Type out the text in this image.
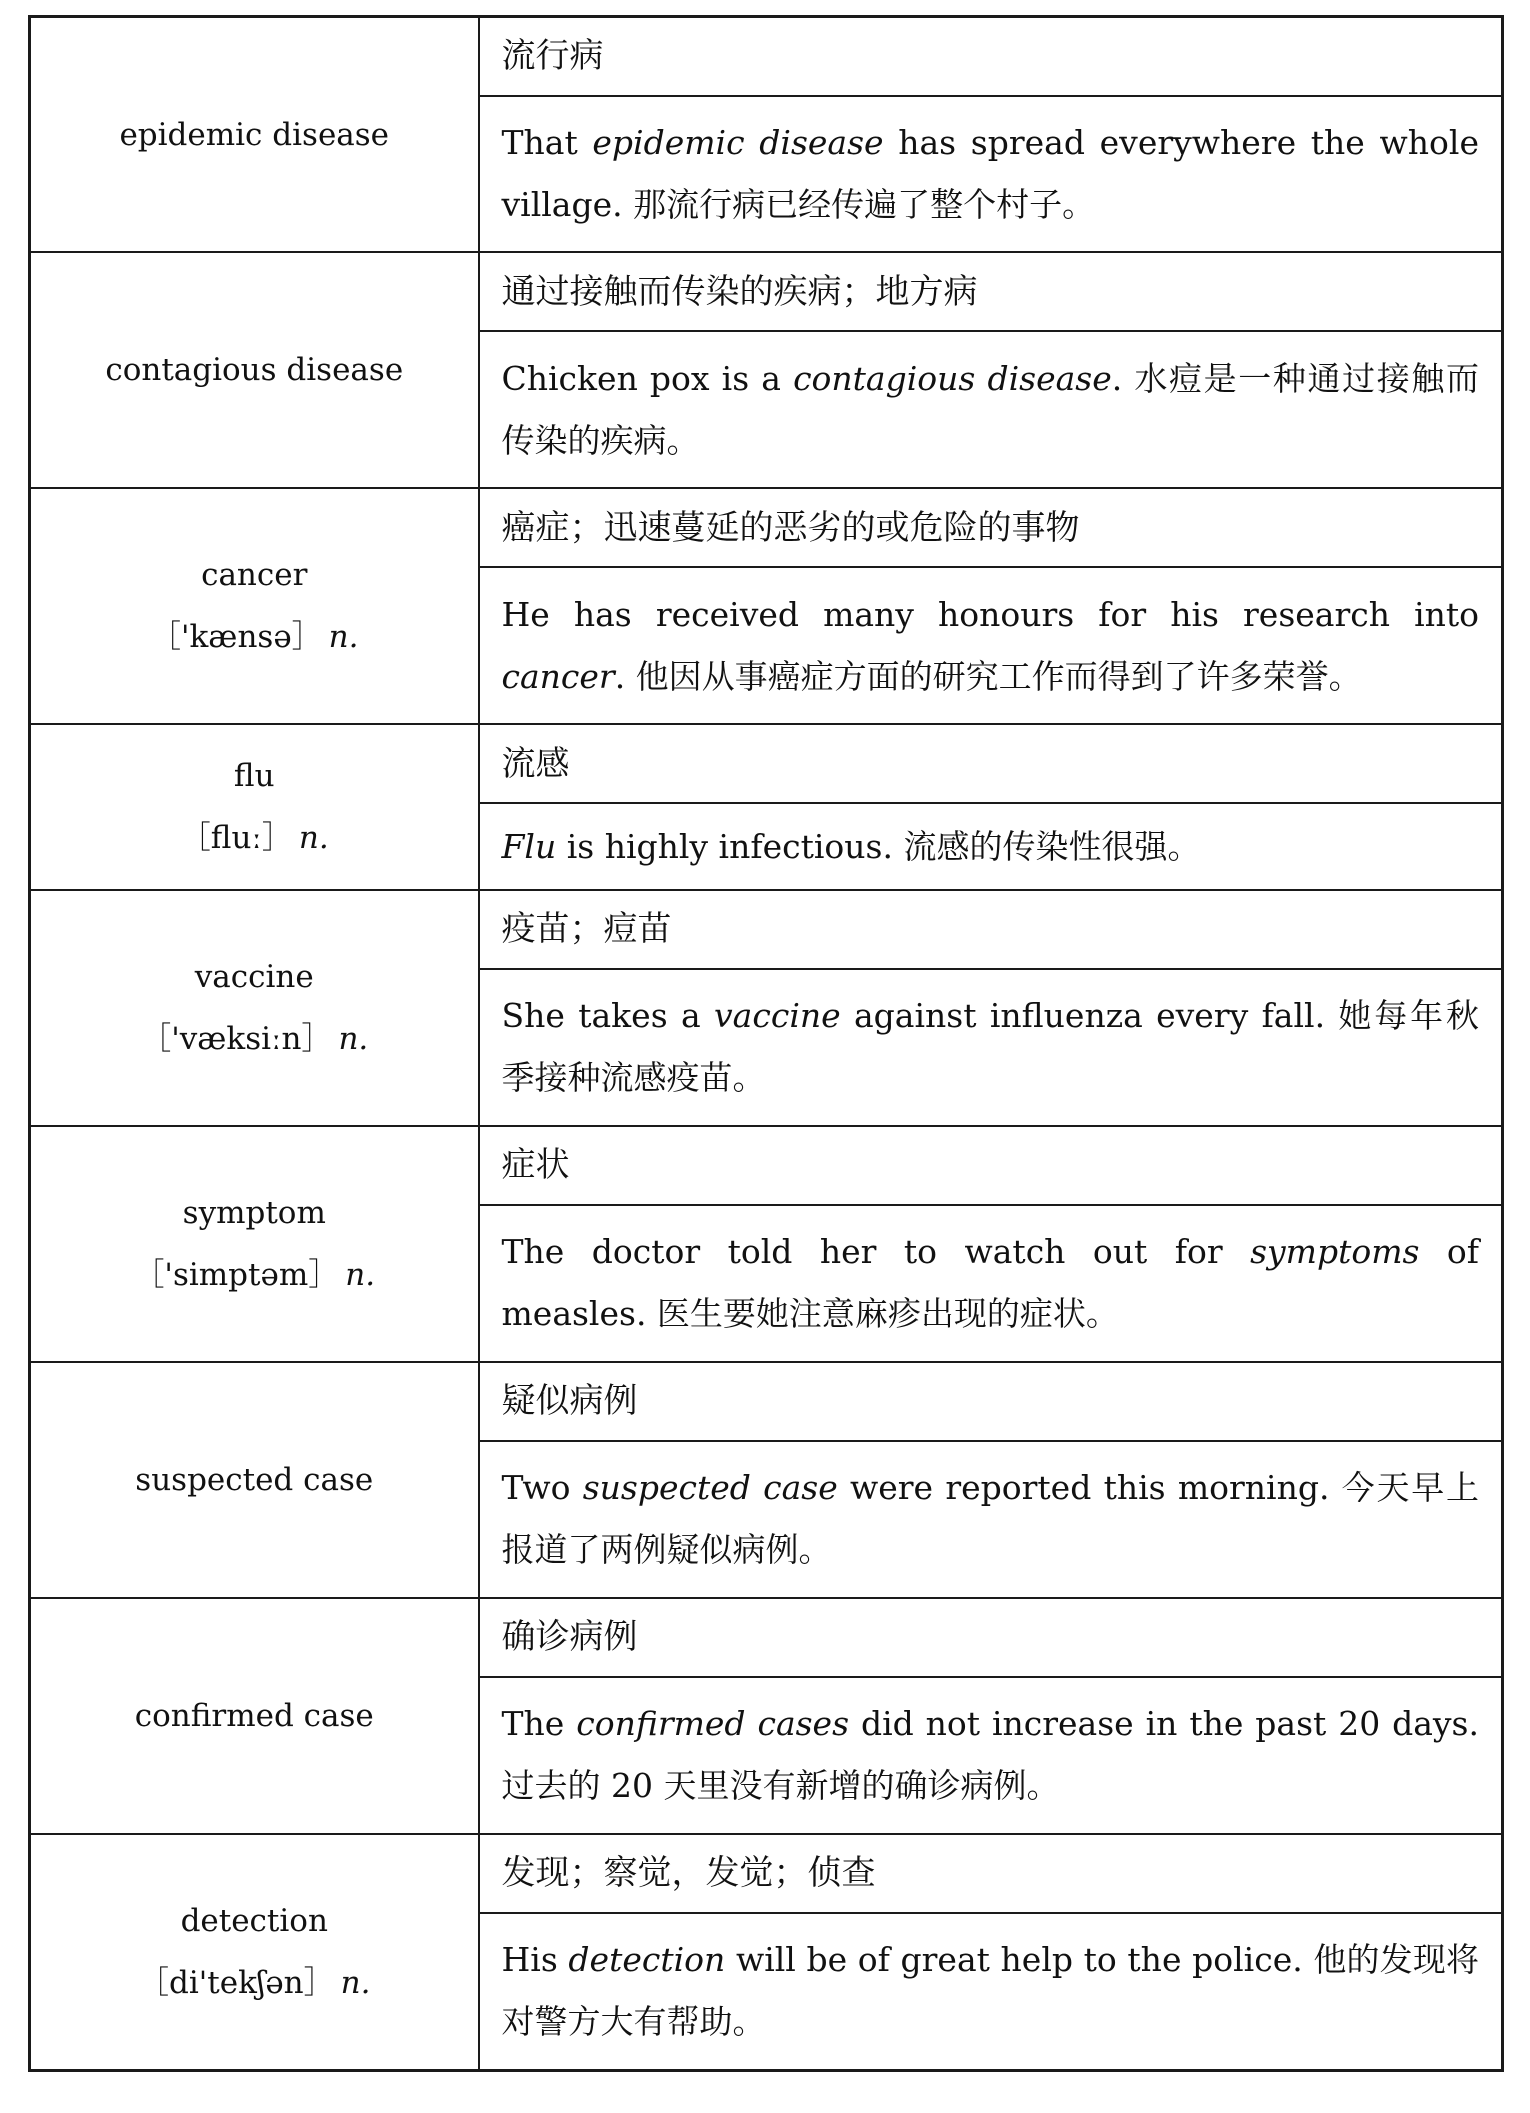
epidemic disease	流行病
	That epidemic disease has spread everywhere the whole village. 那流行病已经传遍了整个村子。

contagious disease	通过接触而传染的疾病；地方病
	Chicken pox is a contagious disease. 水痘是一种通过接触而传染的疾病。

cancer
［'kænsə］ n.	癌症；迅速蔓延的恶劣的或危险的事物
	He has received many honours for his research into cancer. 他因从事癌症方面的研究工作而得到了许多荣誉。

flu
［fluː］ n.	流感
	Flu is highly infectious. 流感的传染性很强。

vaccine
［'væksiːn］ n.	疫苗；痘苗
	She takes a vaccine against influenza every fall. 她每年秋季接种流感疫苗。

symptom
［'simptəm］ n.	症状
	The doctor told her to watch out for symptoms of measles. 医生要她注意麻疹出现的症状。

suspected case	疑似病例
	Two suspected case were reported this morning. 今天早上报道了两例疑似病例。

confirmed case	确诊病例
	The confirmed cases did not increase in the past 20 days. 过去的 20 天里没有新增的确诊病例。

detection
［di'tekʃən］ n.	发现；察觉，发觉；侦查
	His detection will be of great help to the police. 他的发现将对警方大有帮助。
